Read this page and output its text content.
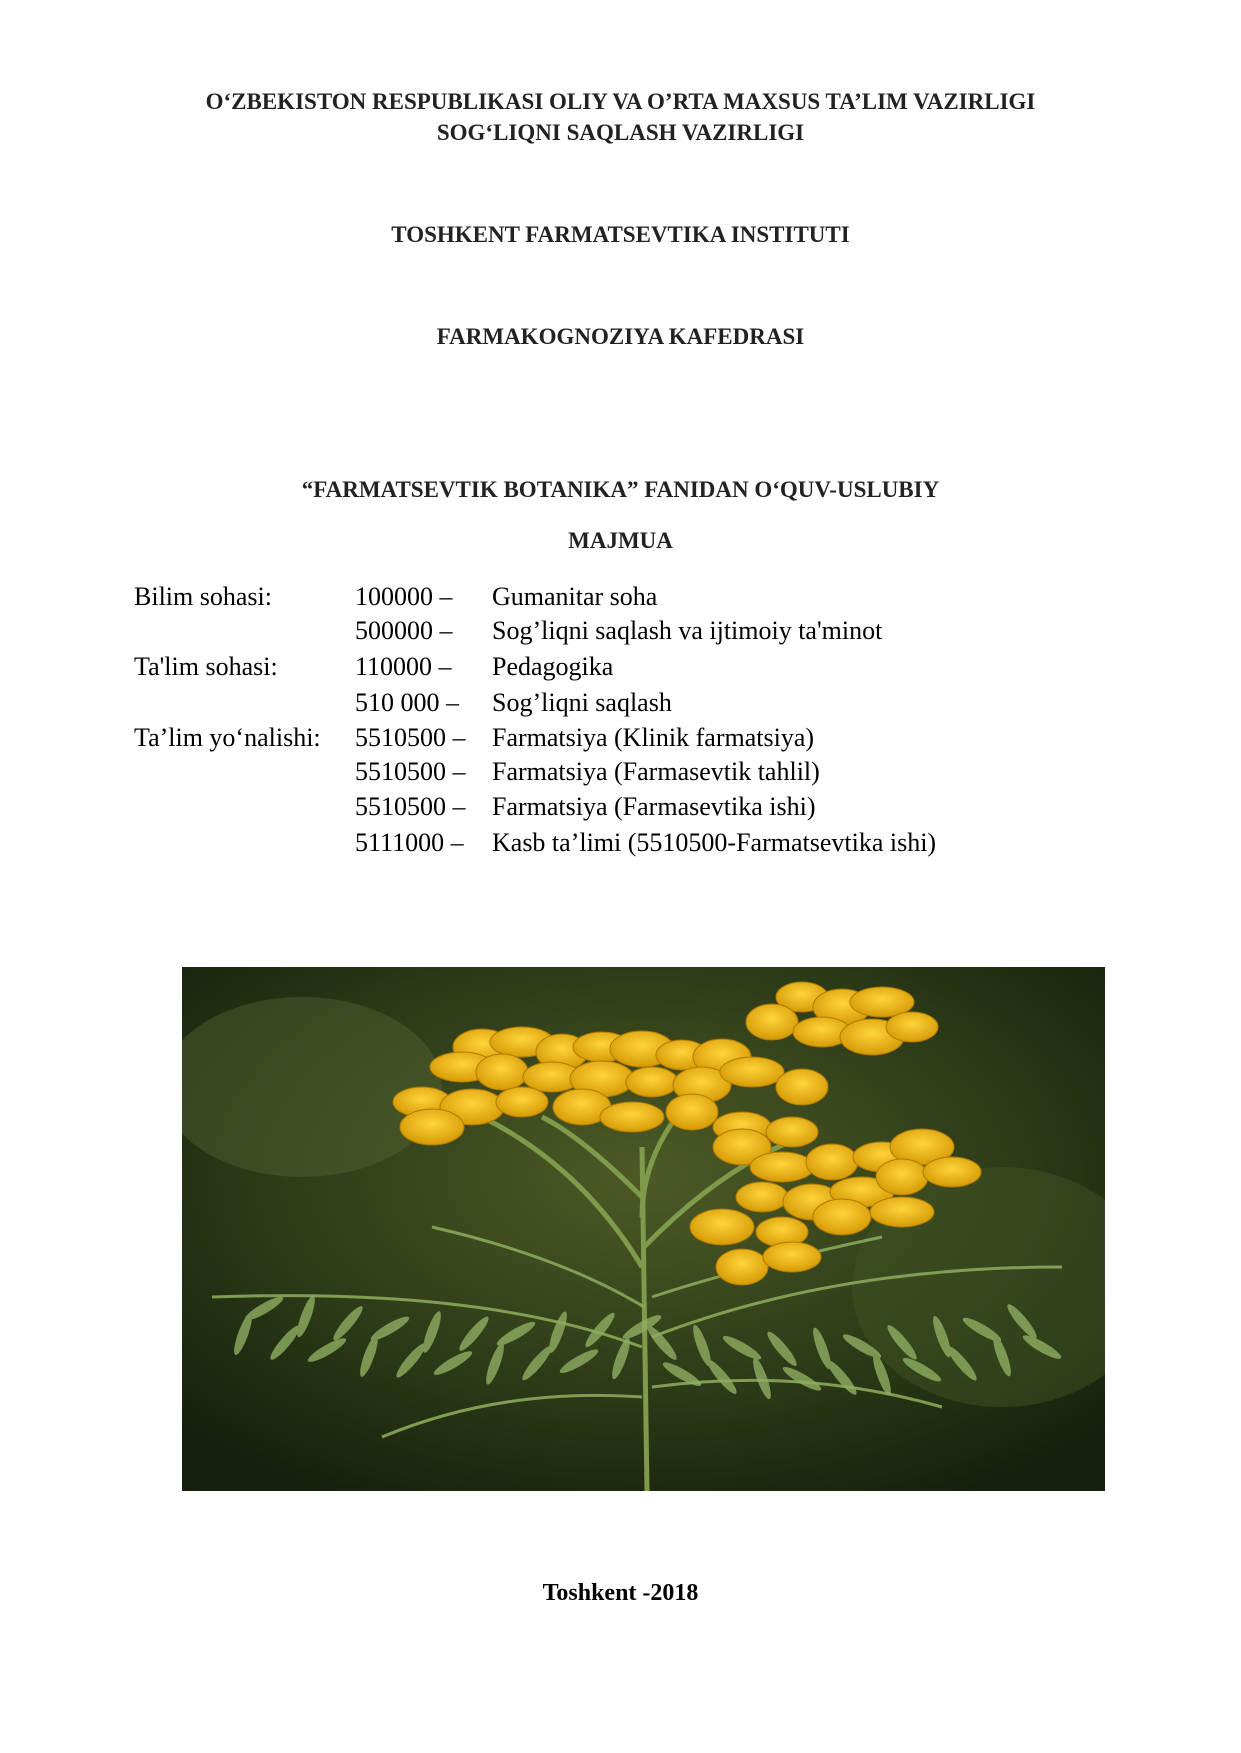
O‘ZBEKISTON RESPUBLIKASI OLIY VA O’RTA MAXSUS TA’LIM VAZIRLIGI
SOG‘LIQNI SAQLASH VAZIRLIGI
TOSHKENT FARMATSEVTIKA INSTITUTI
FARMAKOGNOZIYA KAFEDRASI
“FARMATSEVTIK BOTANIKA” FANIDAN O‘QUV-USLUBIY
MAJMUA
Bilim sohasi:	100000 – Gumanitar soha
500000 – Sog’liqni saqlash va ijtimoiy ta'minot
Ta'lim sohasi:	110000 – Pedagogika
510 000 – Sog’liqni saqlash
Ta’lim yo‘nalishi: 5510500 – Farmatsiya (Klinik farmatsiya)
5510500 – Farmatsiya (Farmasevtik tahlil)
5510500 – Farmatsiya (Farmasevtika ishi)
5111000 – Kasb ta’limi (5510500-Farmatsevtika ishi)
Toshkent -2018
